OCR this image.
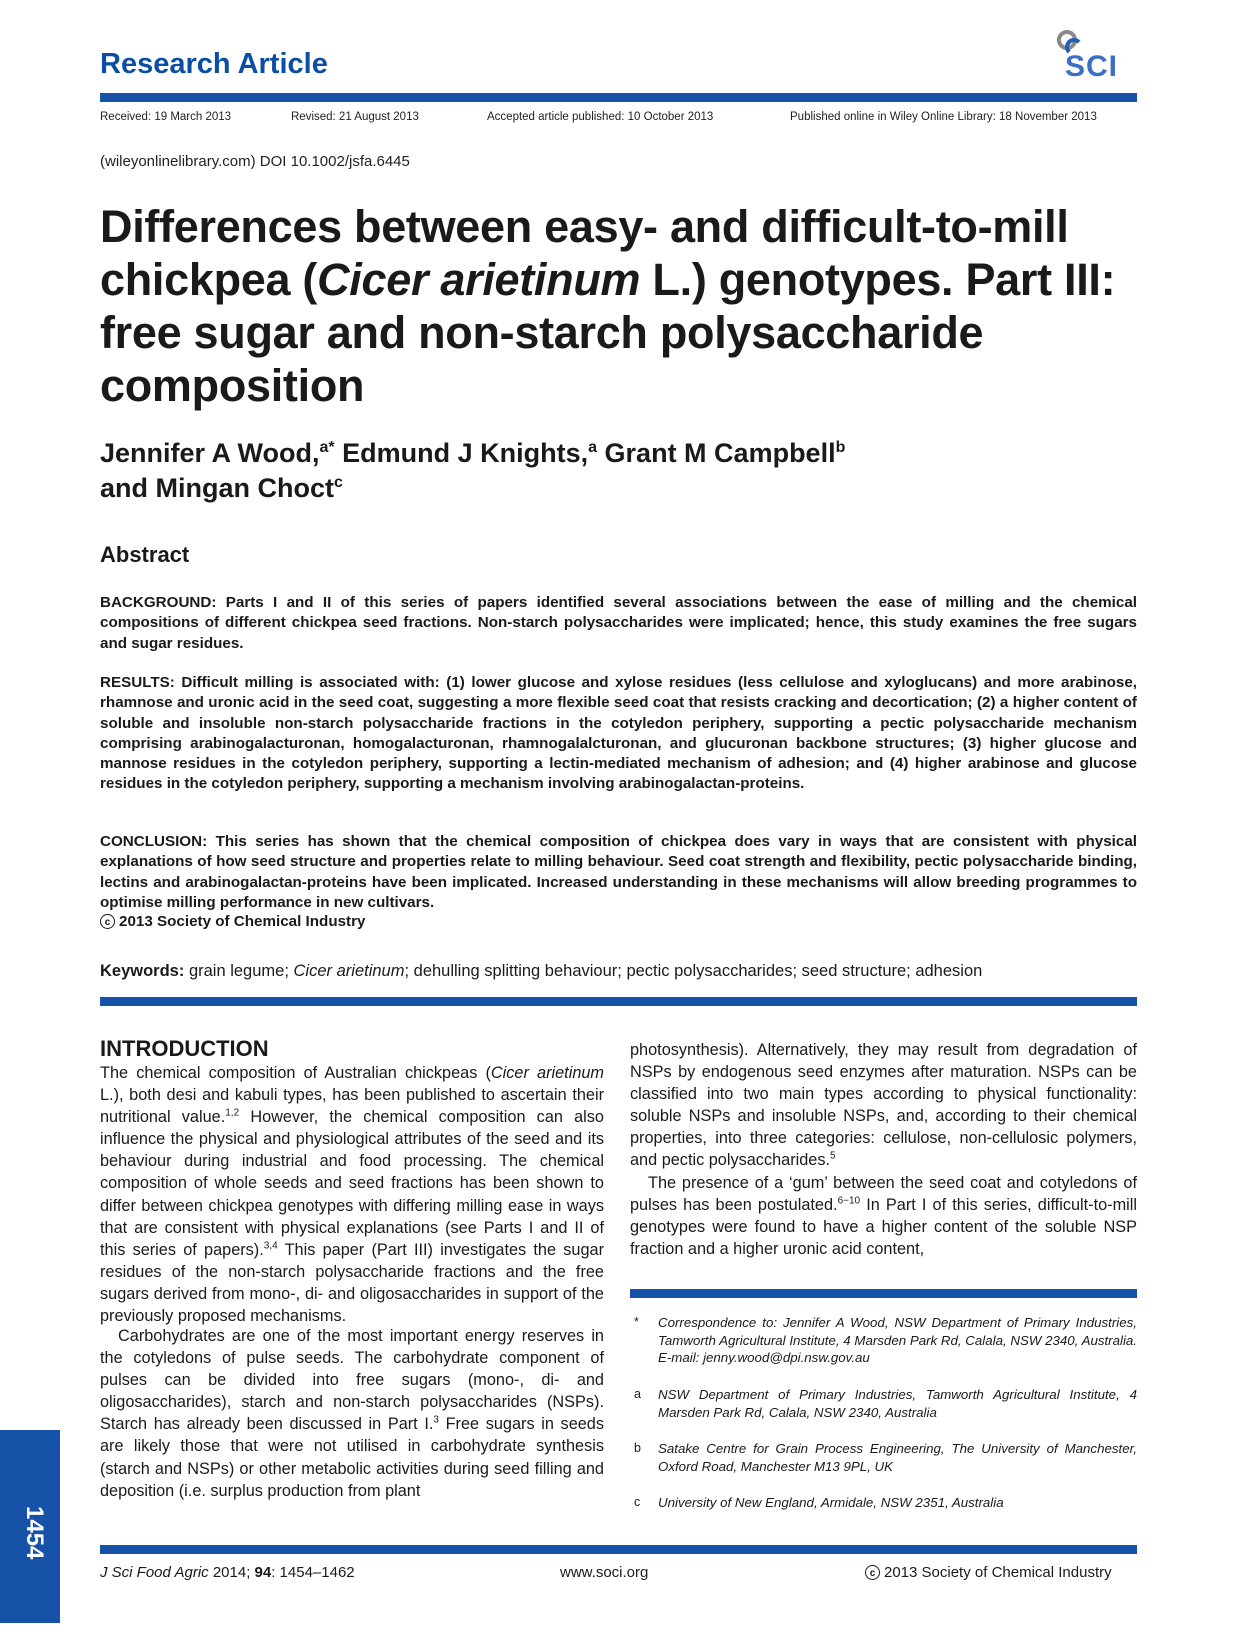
Research Article	SCI
Received: 19 March 2013	Revised: 21 August 2013	Accepted article published: 10 October 2013	Published online in Wiley Online Library: 18 November 2013
(wileyonlinelibrary.com) DOI 10.1002/jsfa.6445
Differences between easy- and difficult-to-mill chickpea (Cicer arietinum L.) genotypes. Part III: free sugar and non-starch polysaccharide composition
Jennifer A Wood,$^{a*}$ Edmund J Knights,$^a$ Grant M Campbell$^b$
and Mingan Choct$^c$
Abstract

BACKGROUND: Parts I and II of this series of papers identified several associations between the ease of milling and the chemical compositions of different chickpea seed fractions. Non-starch polysaccharides were implicated; hence, this study examines the free sugars and sugar residues.

RESULTS: Difficult milling is associated with: (1) lower glucose and xylose residues (less cellulose and xyloglucans) and more arabinose, rhamnose and uronic acid in the seed coat, suggesting a more flexible seed coat that resists cracking and decortication; (2) a higher content of soluble and insoluble non-starch polysaccharide fractions in the cotyledon periphery, supporting a pectic polysaccharide mechanism comprising arabinogalacturonan, homogalacturonan, rhamnogalalcturonan, and glucuronan backbone structures; (3) higher glucose and mannose residues in the cotyledon periphery, supporting a lectin-mediated mechanism of adhesion; and (4) higher arabinose and glucose residues in the cotyledon periphery, supporting a mechanism involving arabinogalactan-proteins.

CONCLUSION: This series has shown that the chemical composition of chickpea does vary in ways that are consistent with physical explanations of how seed structure and properties relate to milling behaviour. Seed coat strength and flexibility, pectic polysaccharide binding, lectins and arabinogalactan-proteins have been implicated. Increased understanding in these mechanisms will allow breeding programmes to optimise milling performance in new cultivars.

c 2013 Society of Chemical Industry

Keywords: grain legume; Cicer arietinum; dehulling splitting behaviour; pectic polysaccharides; seed structure; adhesion
INTRODUCTION

The chemical composition of Australian chickpeas (Cicer arietinum L.), both desi and kabuli types, has been published to ascertain their nutritional value.$^{1,2}$ However, the chemical composition can also influence the physical and physiological attributes of the seed and its behaviour during industrial and food processing. The chemical composition of whole seeds and seed fractions has been shown to differ between chickpea genotypes with differing milling ease in ways that are consistent with physical explanations (see Parts I and II of this series of papers).$^{3,4}$ This paper (Part III) investigates the sugar residues of the non-starch polysaccharide fractions and the free sugars derived from mono-, di- and oligosaccharides in support of the previously proposed mechanisms.

Carbohydrates are one of the most important energy reserves in the cotyledons of pulse seeds. The carbohydrate component of pulses can be divided into free sugars (mono-, di- and oligosaccharides), starch and non-starch polysaccharides (NSPs). Starch has already been discussed in Part I.$^3$ Free sugars in seeds are likely those that were not utilised in carbohydrate synthesis (starch and NSPs) or other metabolic activities during seed filling and deposition (i.e. surplus production from plant

photosynthesis). Alternatively, they may result from degradation of NSPs by endogenous seed enzymes after maturation. NSPs can be classified into two main types according to physical functionality: soluble NSPs and insoluble NSPs, and, according to their chemical properties, into three categories: cellulose, non-cellulosic polymers, and pectic polysaccharides.$^5$

The presence of a ‘gum’ between the seed coat and cotyledons of pulses has been postulated.$^{6-10}$ In Part I of this series, difficult-to-mill genotypes were found to have a higher content of the soluble NSP fraction and a higher uronic acid content,

*	Correspondence to: Jennifer A Wood, NSW Department of Primary Industries, Tamworth Agricultural Institute, 4 Marsden Park Rd, Calala, NSW 2340, Australia. E-mail: jenny.wood@dpi.nsw.gov.au
a	NSW Department of Primary Industries, Tamworth Agricultural Institute, 4 Marsden Park Rd, Calala, NSW 2340, Australia
b	Satake Centre for Grain Process Engineering, The University of Manchester, Oxford Road, Manchester M13 9PL, UK
c	University of New England, Armidale, NSW 2351, Australia
1454
J Sci Food Agric 2014; 94: 1454–1462	www.soci.org	c 2013 Society of Chemical Industry
